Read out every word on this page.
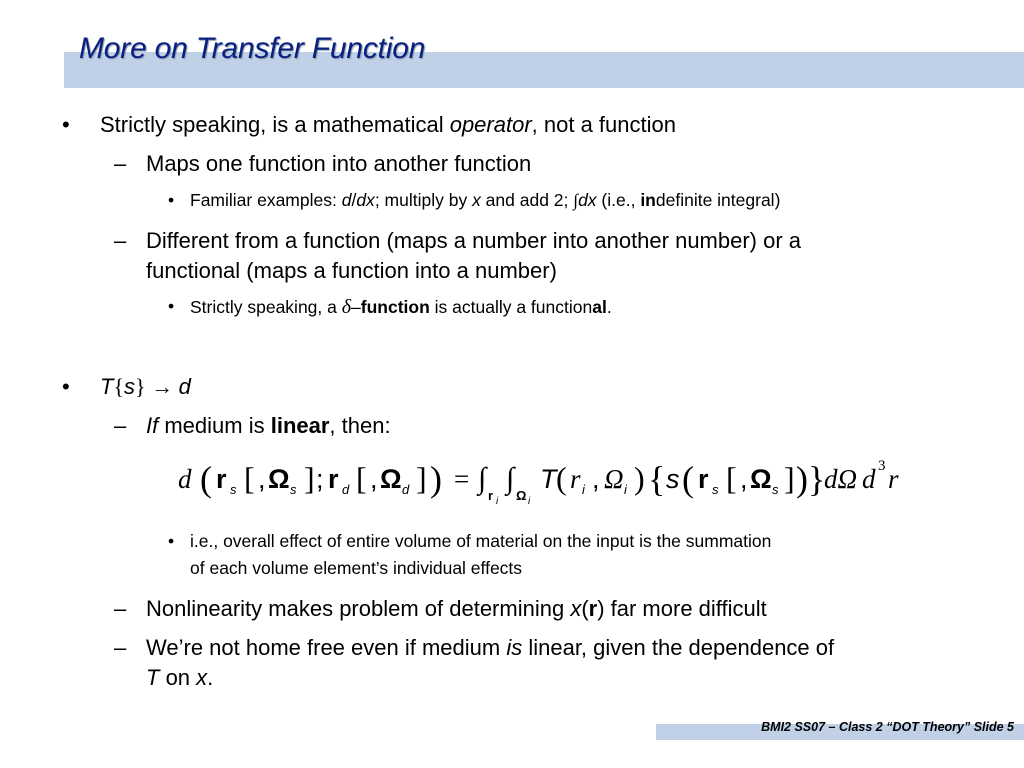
More on Transfer Function
• Strictly speaking, is a mathematical operator, not a function
– Maps one function into another function
• Familiar examples: d/dx; multiply by x and add 2; ∫dx (i.e., indefinite integral)
– Different from a function (maps a number into another number) or a
functional (maps a function into a number)
• Strictly speaking, a δ–function is actually a functional.
• T{s} → d
– If medium is linear, then:
d ( r s [ , Ω s ] ; r d [ , Ω d ] ) = ∫
r i
∫
Ω i
T ( r i , Ω i ) { s ( r s [ , Ω s ] ) }
dΩ d 3 r
• i.e., overall effect of entire volume of material on the input is the summation
of each volume element’s individual effects
– Nonlinearity makes problem of determining x(r) far more difficult
– We’re not home free even if medium is linear, given the dependence of
T on x.

BMI2 SS07 – Class 2 “DOT Theory” Slide 5
